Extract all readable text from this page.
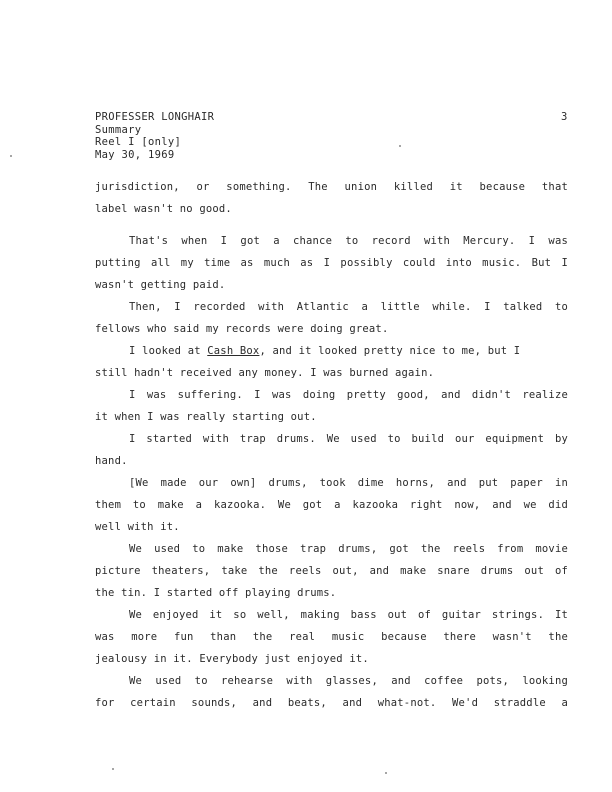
PROFESSER LONGHAIR
Summary
Reel I [only]
May 30, 1969
3
jurisdiction, or something. The union killed it because that
label wasn't no good.
That's when I got a chance to record with Mercury. I was
putting all my time as much as I possibly could into music. But I
wasn't getting paid.
Then, I recorded with Atlantic a little while. I talked to
fellows who said my records were doing great.
I looked at Cash Box, and it looked pretty nice to me, but I
still hadn't received any money. I was burned again.
I was suffering. I was doing pretty good, and didn't realize
it when I was really starting out.
I started with trap drums. We used to build our equipment by
hand.
[We made our own] drums, took dime horns, and put paper in
them to make a kazooka. We got a kazooka right now, and we did
well with it.
We used to make those trap drums, got the reels from movie
picture theaters, take the reels out, and make snare drums out of
the tin. I started off playing drums.
We enjoyed it so well, making bass out of guitar strings. It
was more fun than the real music because there wasn't the
jealousy in it. Everybody just enjoyed it.
We used to rehearse with glasses, and coffee pots, looking
for certain sounds, and beats, and what-not. We'd straddle a
